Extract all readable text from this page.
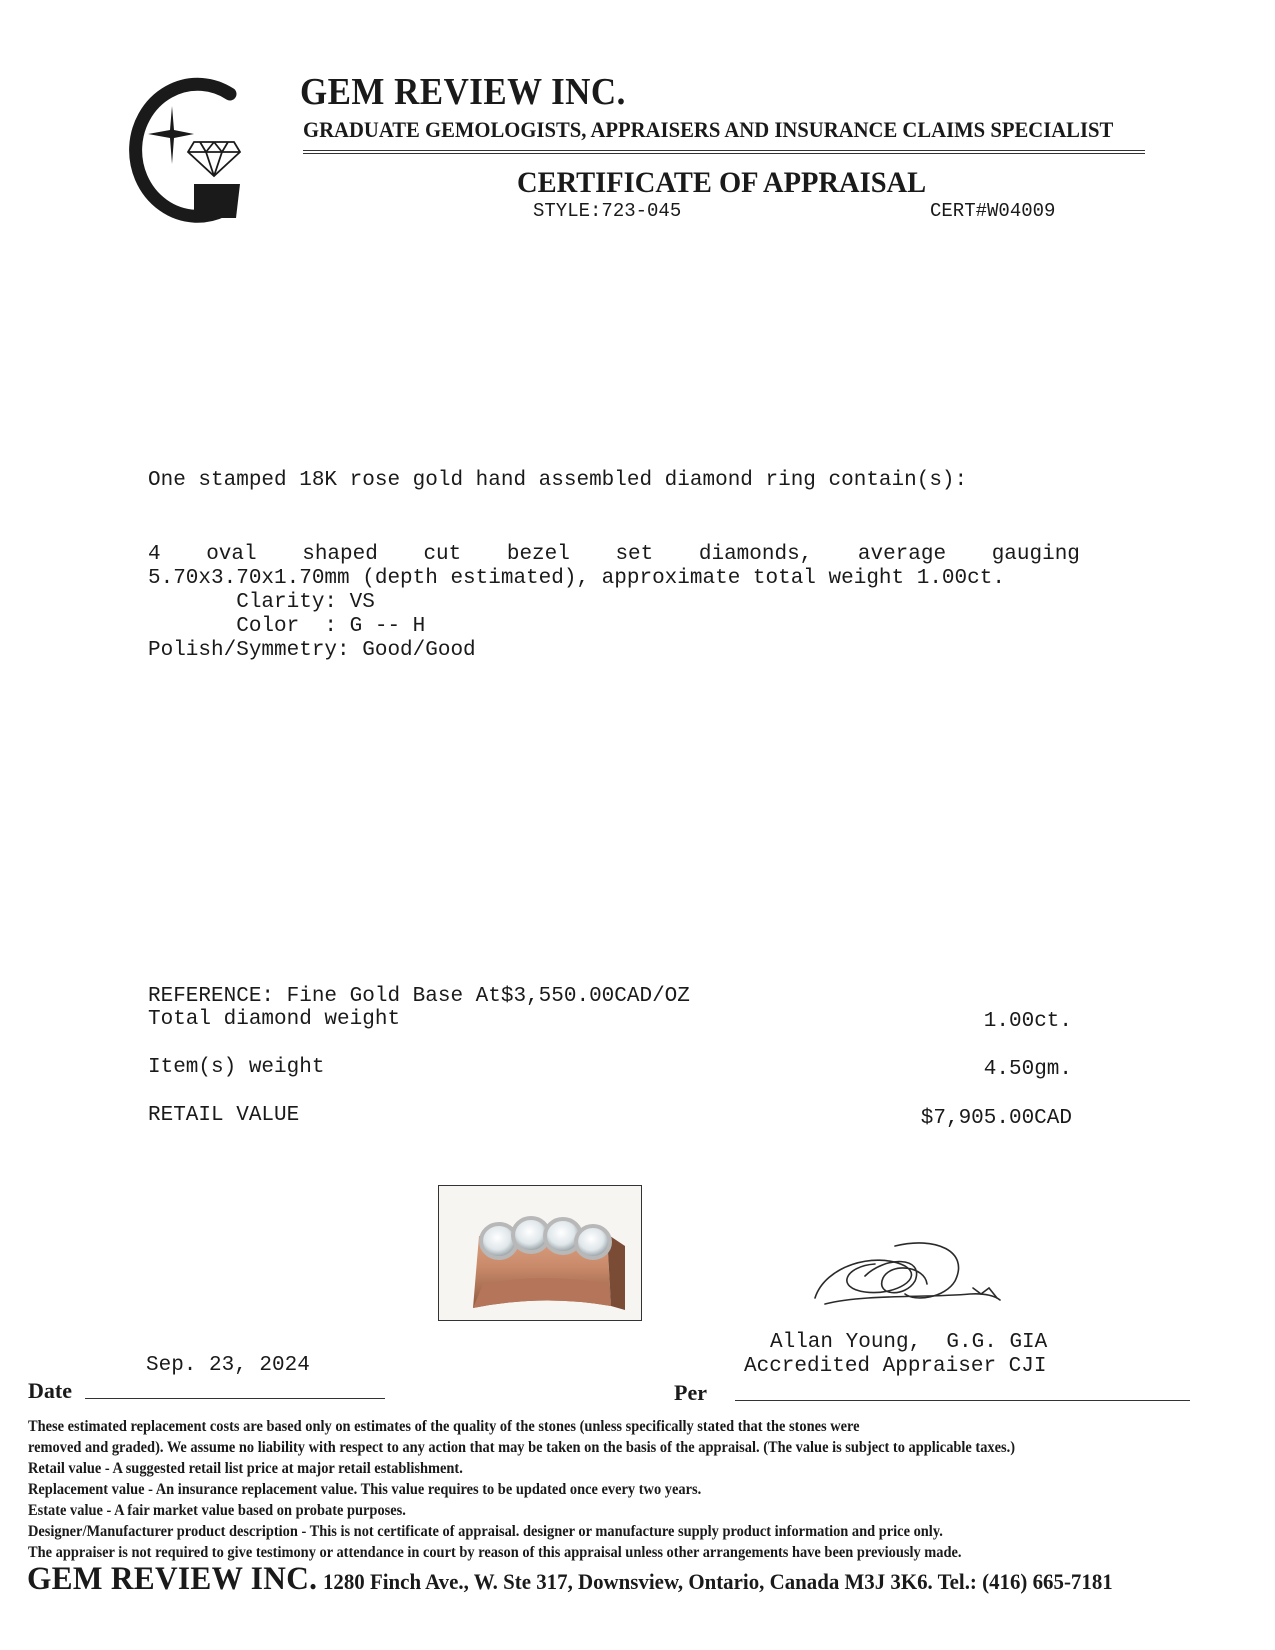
GEM REVIEW INC.
GRADUATE GEMOLOGISTS, APPRAISERS AND INSURANCE CLAIMS SPECIALIST
CERTIFICATE OF APPRAISAL
STYLE:723-045	CERT#W04009
One stamped 18K rose gold hand assembled diamond ring contain(s):
4 oval shaped cut bezel set diamonds, average gauging
5.70x3.70x1.70mm (depth estimated), approximate total weight 1.00ct.
Clarity: VS
Color  : G -- H
Polish/Symmetry: Good/Good
REFERENCE: Fine Gold Base At$3,550.00CAD/OZ
Total diamond weight	1.00ct.
Item(s) weight	4.50gm.
RETAIL VALUE	$7,905.00CAD
Allan Young,  G.G. GIA
Accredited Appraiser CJI
Sep. 23, 2024
Date	Per
These estimated replacement costs are based only on estimates of the quality of the stones (unless specifically stated that the stones were
removed and graded). We assume no liability with respect to any action that may be taken on the basis of the appraisal. (The value is subject to applicable taxes.)
Retail value - A suggested retail list price at major retail establishment.
Replacement value - An insurance replacement value. This value requires to be updated once every two years.
Estate value - A fair market value based on probate purposes.
Designer/Manufacturer product description - This is not certificate of appraisal. designer or manufacture supply product information and price only.
The appraiser is not required to give testimony or attendance in court by reason of this appraisal unless other arrangements have been previously made.
GEM REVIEW INC. 1280 Finch Ave., W. Ste 317, Downsview, Ontario, Canada M3J 3K6. Tel.: (416) 665-7181
